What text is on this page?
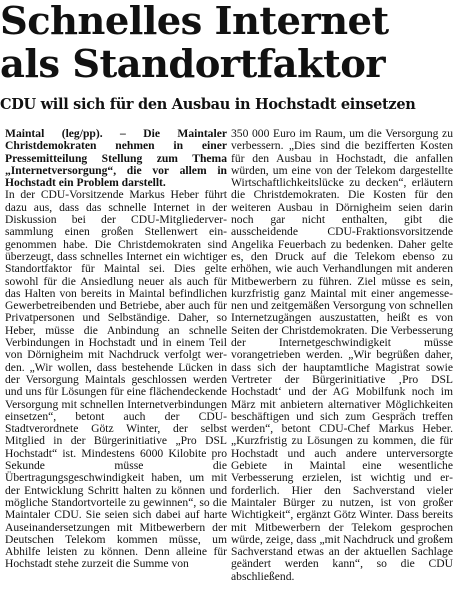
Schnelles Internet
als Standortfaktor
CDU will sich für den Ausbau in Hochstadt einsetzen

Maintal (leg/pp). – Die Maintaler Christdemokraten nehmen in einer Pressemitteilung Stellung zum Thema „Internetversorgung“, die vor allem in Hochstadt ein Problem darstellt.

In der CDU-Vorsitzende Markus Heber führt dazu aus, dass das schnelle Internet in der Diskussion bei der CDU-Mitgliederversammlung einen großen Stellenwert eingenommen habe. Die Christdemokraten sind überzeugt, dass schnelles Internet ein wichtiger Standortfaktor für Maintal sei. Dies gelte sowohl für die Ansiedlung neuer als auch für das Halten von bereits in Maintal befindlichen Gewerbetreibenden und Betriebe, aber auch für Privatpersonen und Selbständige. Daher, so Heber, müsse die Anbindung an schnelle Verbindungen in Hochstadt und in einem Teil von Dörnigheim mit Nachdruck verfolgt werden. „Wir wollen, dass bestehende Lücken in der Versorgung Maintals geschlossen werden und uns für Lösungen für eine flächendeckende Versorgung mit schnellen Internetverbindungen einsetzen“, betont auch der CDU-Stadtverordnete Götz Winter, der selbst Mitglied in der Bürgerinitiative „Pro DSL Hochstadt“ ist. Mindestens 6000 Kilobite pro Sekunde müsse die Übertragungsgeschwindigkeit haben, um mit der Entwicklung Schritt halten zu können und mögliche Standortvorteile zu gewinnen“, so die Maintaler CDU. Sie seien sich dabei auf harte Auseinandersetzungen mit Mitbewerbern der Deutschen Telekom kommen müsse, um Abhilfe leisten zu können. Denn alleine für Hochstadt stehe zurzeit die Summe von

350 000 Euro im Raum, um die Versorgung zu verbessern. „Dies sind die bezifferten Kosten für den Ausbau in Hochstadt, die anfallen würden, um eine von der Telekom dargestellte Wirtschaftlichkeitslücke zu decken“, erläutern die Christdemokraten. Die Kosten für den weiteren Ausbau in Dörnigheim seien darin noch gar nicht enthalten, gibt die ausscheidende CDU-Fraktionsvorsitzende Angelika Feuerbach zu bedenken. Daher gelte es, den Druck auf die Telekom ebenso zu erhöhen, wie auch Verhandlungen mit anderen Mitbewerbern zu führen. Ziel müsse es sein, kurzfristig ganz Maintal mit einer angemessenen und zeitgemäßen Versorgung von schnellen Internetzugängen auszustatten, heißt es von Seiten der Christdemokraten. Die Verbesserung der Internetgeschwindigkeit müsse vorangetrieben werden. „Wir begrüßen daher, dass sich der hauptamtliche Magistrat sowie Vertreter der Bürgerinitiative ‚Pro DSL Hochstadt‘ und der AG Mobilfunk noch im März mit anbietern alternativer Möglichkeiten beschäftigen und sich zum Gespräch treffen werden“, betont CDU-Chef Markus Heber. „Kurzfristig zu Lösungen zu kommen, die für Hochstadt und auch andere unterversorgte Gebiete in Maintal eine wesentliche Verbesserung erzielen, ist wichtig und erforderlich. Hier den Sachverstand vieler Maintaler Bürger zu nutzen, ist von großer Wichtigkeit“, ergänzt Götz Winter. Dass bereits mit Mitbewerbern der Telekom gesprochen würde, zeige, dass „mit Nachdruck und großem Sachverstand etwas an der aktuellen Sachlage geändert werden kann“, so die CDU abschließend.
